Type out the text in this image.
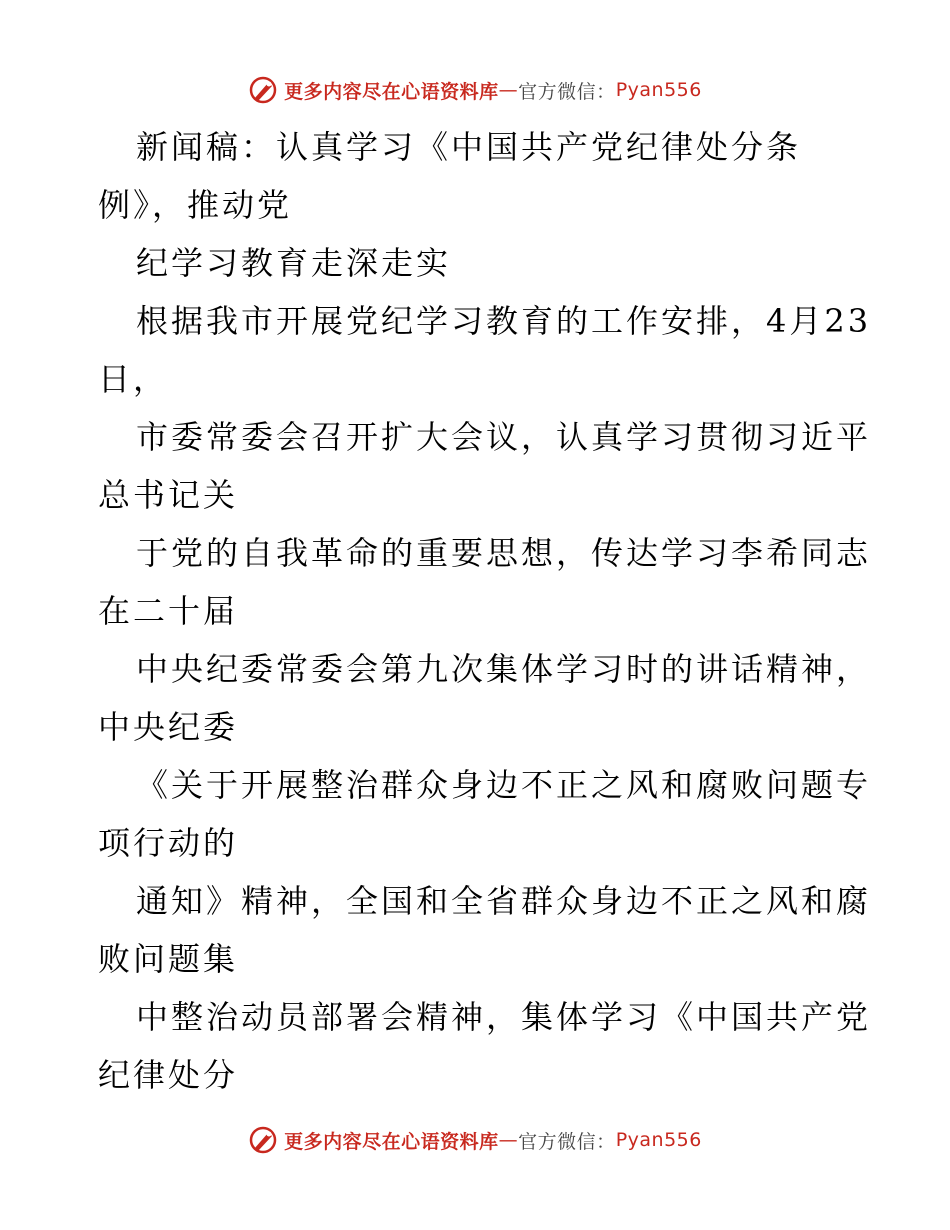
更多内容尽在心语资料库 — 官方微信： Pyan556
新闻稿：认真学习《中国共产党纪律处分条
例》，推动党
纪学习教育走深走实
根据我市开展党纪学习教育的工作安排，4月23
日，
市委常委会召开扩大会议，认真学习贯彻习近平
总书记关
于党的自我革命的重要思想，传达学习李希同志
在二十届
中央纪委常委会第九次集体学习时的讲话精神，
中央纪委
《关于开展整治群众身边不正之风和腐败问题专
项行动的
通知》精神，全国和全省群众身边不正之风和腐
败问题集
中整治动员部署会精神，集体学习《中国共产党
纪律处分
更多内容尽在心语资料库 — 官方微信： Pyan556
